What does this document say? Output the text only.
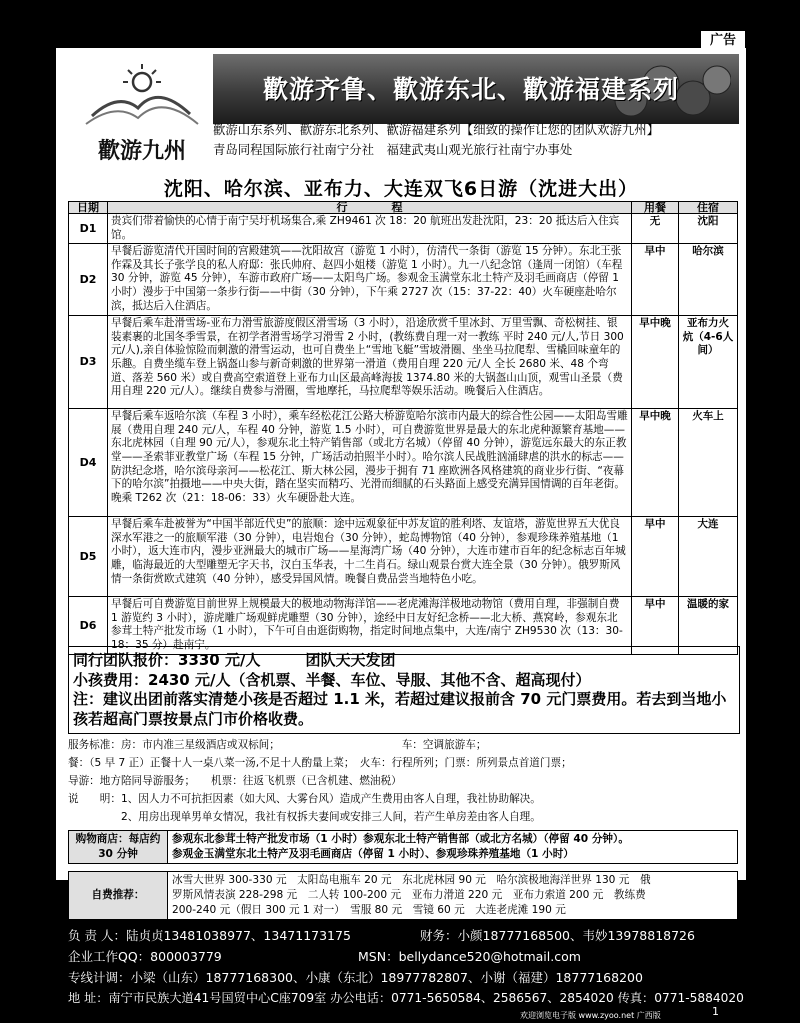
广告
歡游九州
歡游齐鲁、歡游东北、歡游福建系列
歡游山东系列、歡游东北系列、歡游福建系列【细致的操作让您的团队欢游九州】
青岛同程国际旅行社南宁分社　福建武夷山观光旅行社南宁办事处
沈阳、哈尔滨、亚布力、大连双飞6日游（沈进大出）
日期	行　　　　程	用餐	住宿
D1	贵宾们带着愉快的心情于南宁吴圩机场集合,乘 ZH9461 次 18：20 航班出发赴沈阳，23：20 抵达后入住宾馆。	无	沈阳
D2	早餐后游览清代开国时间的宫殿建筑——沈阳故宫（游览 1 小时），仿清代一条街（游览 15 分钟）。东北王张作霖及其长子张学良的私人府邸：张氏帅府、赵四小姐楼（游览 1 小时）。九一八纪念馆（逢周一闭馆）（车程 30 分钟，游览 45 分钟），车游市政府广场——太阳鸟广场。参观金玉满堂东北土特产及羽毛画商店（停留 1 小时）漫步于中国第一条步行街——中街（30 分钟），下午乘 2727 次（15：37-22：40）火车硬座赴哈尔滨，抵达后入住酒店。	早中	哈尔滨
D3	早餐后乘车赴滑雪场-亚布力滑雪旅游度假区滑雪场（3 小时），沿途欣赏千里冰封、万里雪飘、奇松树挂、银装素裹的北国冬季雪景，在初学者滑雪场学习滑雪 2 小时，(教练费自理一对一教练 平时 240 元/人,节日 300 元/人),亲自体验惊险而刺激的滑雪运动，也可自费坐上“雪地飞艇”雪坡滑圈、坐坐马拉爬犁、雪橇回味童年的乐趣。自费坐缆车登上锅盔山参与新奇刺激的世界第一滑道（费用自理 220 元/人 全长 2680 米、48 个弯道、落差 560 米）或自费高空索道登上亚布力山区最高峰海拔 1374.80 米的大锅盔山山顶，观雪山圣景（费用自理 220 元/人）。继续自费参与滑圈，雪地摩托，马拉爬犁等娱乐活动。晚餐后入住酒店。	早中晚	亚布力火炕（4-6人间）
D4	早餐后乘车返哈尔滨（车程 3 小时），乘车经松花江公路大桥游览哈尔滨市内最大的综合性公园——太阳岛雪雕展（费用自理 240 元/人，车程 40 分钟，游览 1.5 小时），可自费游览世界是最大的东北虎种源繁育基地——东北虎林园（自理 90 元/人），参观东北土特产销售部（或北方名城）（停留 40 分钟），游览远东最大的东正教堂——圣索菲亚教堂广场（车程 15 分钟，广场活动拍照半小时）。哈尔滨人民战胜汹涌肆虐的洪水的标志——防洪纪念塔，哈尔滨母亲河——松花江、斯大林公园，漫步于拥有 71 座欧洲各风格建筑的商业步行街、“夜幕下的哈尔滨”拍摄地——中央大街，踏在坚实而精巧、光滑而细腻的石头路面上感受充满异国情调的百年老街。晚乘 T262 次（21：18-06：33）火车硬卧赴大连。	早中晚	火车上
D5	早餐后乘车赴被誉为“中国半部近代史”的旅顺：途中远观象征中苏友谊的胜利塔、友谊塔，游览世界五大优良深水军港之一的旅顺军港（30 分钟），电岩炮台（30 分钟），蛇岛博物馆（40 分钟），参观珍珠养殖基地（1 小时），返大连市内，漫步亚洲最大的城市广场——星海湾广场（40 分钟），大连市建市百年的纪念标志百年城雕，临海最近的大型雕塑无字天书，汉白玉华表，十二生肖石。绿山观景台赏大连全景（30 分钟）。俄罗斯风情一条街赏欧式建筑（40 分钟），感受异国风情。晚餐自费品尝当地特色小吃。	早中	大连
D6	早餐后可自费游览目前世界上规模最大的极地动物海洋馆——老虎滩海洋极地动物馆（费用自理，非强制自费 1 游览约 3 小时），游虎雕广场观鲜虎雕塑（30 分钟），途经中日友好纪念桥——北大桥、燕窝岭，参观东北参茸土特产批发市场（1 小时），下午可自由逛街购物，指定时间地点集中，大连/南宁 ZH9530 次（13：30-18：35 分）赴南宁。	早中	温暖的家
同行团队报价：3330 元/人　　　团队天天发团
小孩费用：2430 元/人（含机票、半餐、车位、导服、其他不含、超高现付）
注：建议出团前落实清楚小孩是否超过 1.1 米，若超过建议报前含 70 元门票费用。若去到当地小孩若超高门票按景点门市价格收费。
服务标准：房：市内准三星级酒店或双标间；　　　　　　　　　　　　车：空调旅游车；
餐：（5 早 7 正）正餐十人一桌八菜一汤,不足十人酌量上菜；　火车：行程所列；门票：所列景点首道门票；
导游：地方陪同导游服务；　　机票：往返飞机票（已含机建、燃油税）
说　　明：1、因人力不可抗拒因素（如大风、大雾台风）造成产生费用由客人自理，我社协助解决。
　　　　　2、用房出现单男单女情况，我社有权拆夫妻间或安排三人间，若产生单房差由客人自理。
购物商店：每店约 30 分钟	
参观东北参茸土特产批发市场（1 小时）参观东北土特产销售部（或北方名城）（停留 40 分钟）。
参观金玉满堂东北土特产及羽毛画商店（停留 1 小时）、参观珍珠养殖基地（1 小时）
自费推荐：	
冰雪大世界 300-330 元　太阳岛电瓶车 20 元　东北虎林园 90 元　哈尔滨极地海洋世界 130 元　俄
罗斯风情表演 228-298 元　二人转 100-200 元　亚布力滑道 220 元　亚布力索道 200 元　教练费
200-240 元（假日 300 元 1 对一）　雪服 80 元　雪镜 60 元　大连老虎滩 190 元
负 责 人：陆贞贞13481038977、13471173175	财务：小颜18777168500、韦妙13978818726
企业工作QQ：800003779	MSN：bellydance520@hotmail.com
专线计调：小梁（山东）18777168300、小康（东北）18977782807、小谢（福建）18777168200
地 址：南宁市民族大道41号国贸中心C座709室 办公电话：0771-5650584、2586567、2854020 传真：0771-5884020
欢迎浏览电子版 www.zyoo.net 广西版	1
